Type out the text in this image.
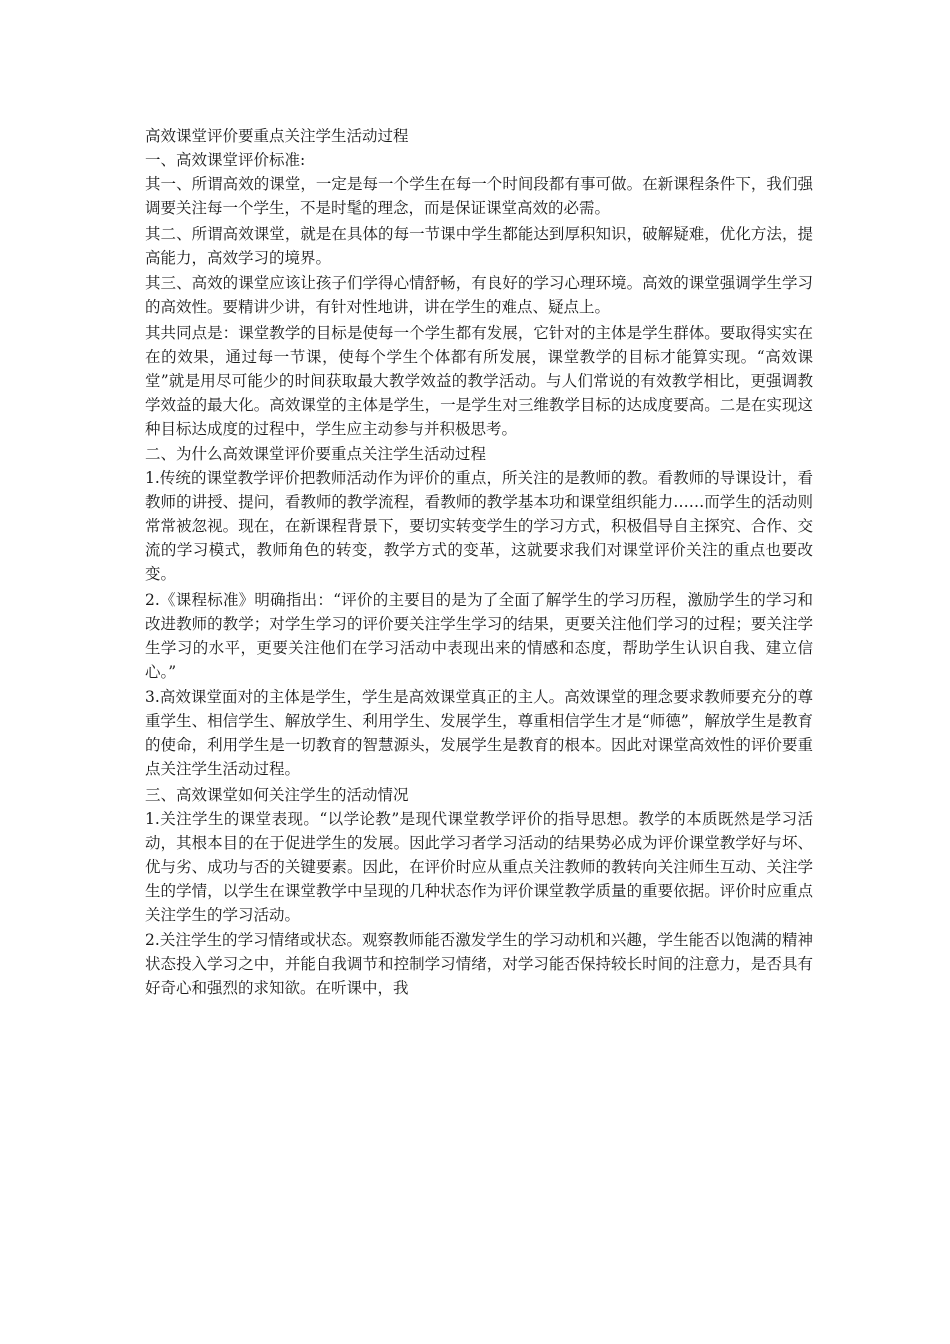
高效课堂评价要重点关注学生活动过程
一、高效课堂评价标准:

其一、所谓高效的课堂，一定是每一个学生在每一个时间段都有事可做。在新课程条件下，我们强调要关注每一个学生，不是时髦的理念，而是保证课堂高效的必需。

其二、所谓高效课堂，就是在具体的每一节课中学生都能达到厚积知识，破解疑难，优化方法，提高能力，高效学习的境界。

其三、高效的课堂应该让孩子们学得心情舒畅，有良好的学习心理环境。高效的课堂强调学生学习的高效性。要精讲少讲，有针对性地讲，讲在学生的难点、疑点上。

其共同点是：课堂教学的目标是使每一个学生都有发展，它针对的主体是学生群体。要取得实实在在的效果，通过每一节课，使每个学生个体都有所发展，课堂教学的目标才能算实现。“高效课堂”就是用尽可能少的时间获取最大教学效益的教学活动。与人们常说的有效教学相比，更强调教学效益的最大化。高效课堂的主体是学生，一是学生对三维教学目标的达成度要高。二是在实现这种目标达成度的过程中，学生应主动参与并积极思考。

二、为什么高效课堂评价要重点关注学生活动过程

1.传统的课堂教学评价把教师活动作为评价的重点，所关注的是教师的教。看教师的导课设计，看教师的讲授、提问，看教师的教学流程，看教师的教学基本功和课堂组织能力……而学生的活动则常常被忽视。现在，在新课程背景下，要切实转变学生的学习方式，积极倡导自主探究、合作、交流的学习模式，教师角色的转变，教学方式的变革，这就要求我们对课堂评价关注的重点也要改变。

2.《课程标准》明确指出：“评价的主要目的是为了全面了解学生的学习历程，激励学生的学习和改进教师的教学；对学生学习的评价要关注学生学习的结果，更要关注他们学习的过程；要关注学生学习的水平，更要关注他们在学习活动中表现出来的情感和态度，帮助学生认识自我、建立信心。”

3.高效课堂面对的主体是学生，学生是高效课堂真正的主人。高效课堂的理念要求教师要充分的尊重学生、相信学生、解放学生、利用学生、发展学生，尊重相信学生才是“师德”，解放学生是教育的使命，利用学生是一切教育的智慧源头，发展学生是教育的根本。因此对课堂高效性的评价要重点关注学生活动过程。

三、高效课堂如何关注学生的活动情况

1.关注学生的课堂表现。“以学论教”是现代课堂教学评价的指导思想。教学的本质既然是学习活动，其根本目的在于促进学生的发展。因此学习者学习活动的结果势必成为评价课堂教学好与坏、优与劣、成功与否的关键要素。因此，在评价时应从重点关注教师的教转向关注师生互动、关注学生的学情，以学生在课堂教学中呈现的几种状态作为评价课堂教学质量的重要依据。评价时应重点关注学生的学习活动。

2.关注学生的学习情绪或状态。观察教师能否激发学生的学习动机和兴趣，学生能否以饱满的精神状态投入学习之中，并能自我调节和控制学习情绪，对学习能否保持较长时间的注意力，是否具有好奇心和强烈的求知欲。在听课中，我
